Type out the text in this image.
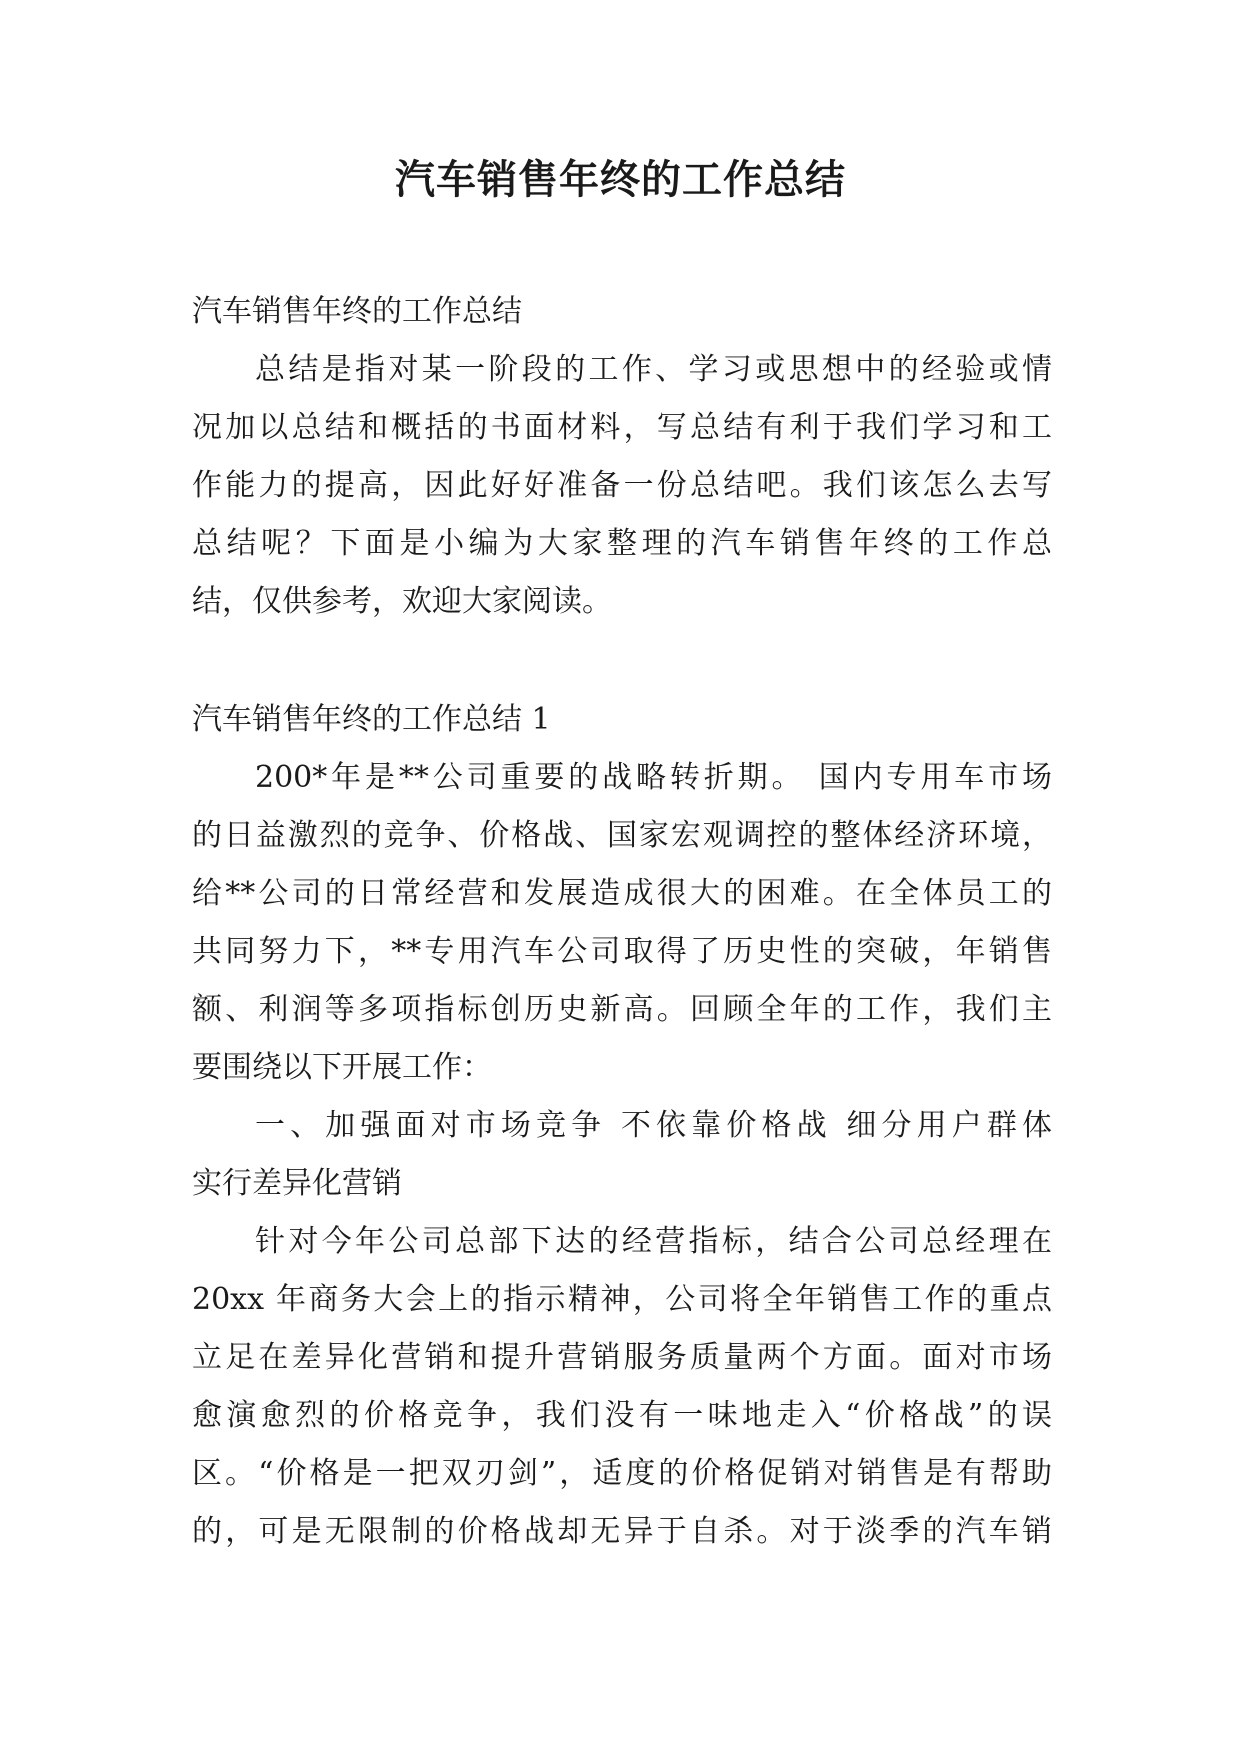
汽车销售年终的工作总结

汽车销售年终的工作总结

总结是指对某一阶段的工作、学习或思想中的经验或情

况加以总结和概括的书面材料，写总结有利于我们学习和工

作能力的提高，因此好好准备一份总结吧。我们该怎么去写

总结呢？下面是小编为大家整理的汽车销售年终的工作总

结，仅供参考，欢迎大家阅读。

汽车销售年终的工作总结 1

200*年是**公司重要的战略转折期。 国内专用车市场

的日益激烈的竞争、价格战、国家宏观调控的整体经济环境，

给**公司的日常经营和发展造成很大的困难。在全体员工的

共同努力下，**专用汽车公司取得了历史性的突破，年销售

额、利润等多项指标创历史新高。回顾全年的工作，我们主

要围绕以下开展工作：

一、加强面对市场竞争 不依靠价格战 细分用户群体

实行差异化营销

针对今年公司总部下达的经营指标，结合公司总经理在

20xx 年商务大会上的指示精神，公司将全年销售工作的重点

立足在差异化营销和提升营销服务质量两个方面。面对市场

愈演愈烈的价格竞争，我们没有一味地走入“价格战”的误

区。“价格是一把双刃剑”，适度的价格促销对销售是有帮助

的，可是无限制的价格战却无异于自杀。对于淡季的汽车销
